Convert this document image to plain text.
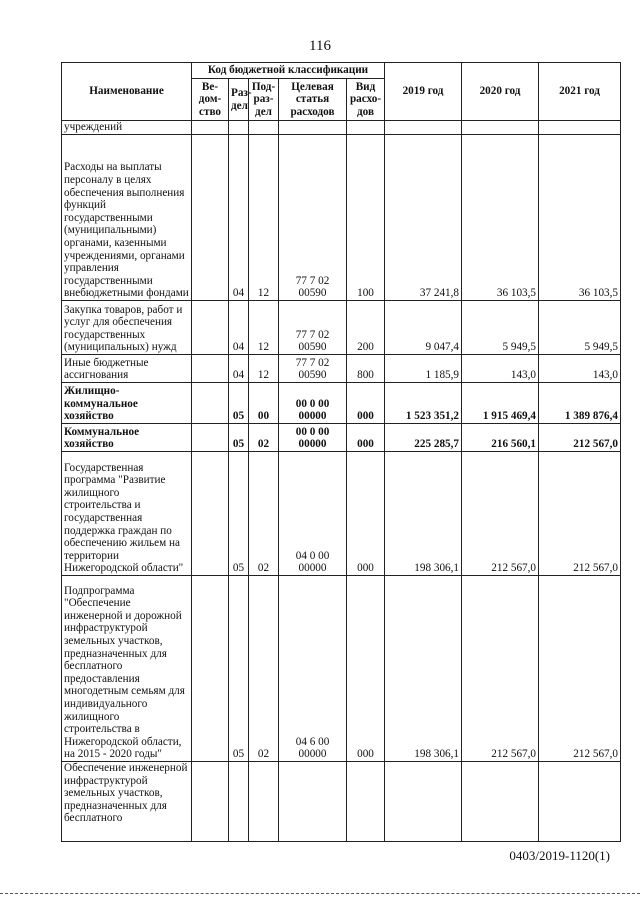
116
Наименование	Код бюджетной классификации					2019 год	2020 год	2021 год
	Ве-дом-ство	Раз-дел	Под-раз-дел	Целевая статья расходов	Вид расхо-дов			
учреждений								
Расходы на выплаты персоналу в целях обеспечения выполнения функций государственными (муниципальными) органами, казенными учреждениями, органами управления государственными внебюджетными фондами		04	12	77 7 02 00590	100	37 241,8	36 103,5	36 103,5
Закупка товаров, работ и услуг для обеспечения государственных (муниципальных) нужд		04	12	77 7 02 00590	200	9 047,4	5 949,5	5 949,5
Иные бюджетные ассигнования		04	12	77 7 02 00590	800	1 185,9	143,0	143,0
Жилищно-коммунальное хозяйство		05	00	00 0 00 00000	000	1 523 351,2	1 915 469,4	1 389 876,4
Коммунальное хозяйство		05	02	00 0 00 00000	000	225 285,7	216 560,1	212 567,0
Государственная программа "Развитие жилищного строительства и государственная поддержка граждан по обеспечению жильем на территории Нижегородской области"		05	02	04 0 00 00000	000	198 306,1	212 567,0	212 567,0
Подпрограмма "Обеспечение инженерной и дорожной инфраструктурой земельных участков, предназначенных для бесплатного предоставления многодетным семьям для индивидуального жилищного строительства в Нижегородской области, на 2015 - 2020 годы"		05	02	04 6 00 00000	000	198 306,1	212 567,0	212 567,0
Обеспечение инженерной инфраструктурой земельных участков, предназначенных для бесплатного								
0403/2019-1120(1)
